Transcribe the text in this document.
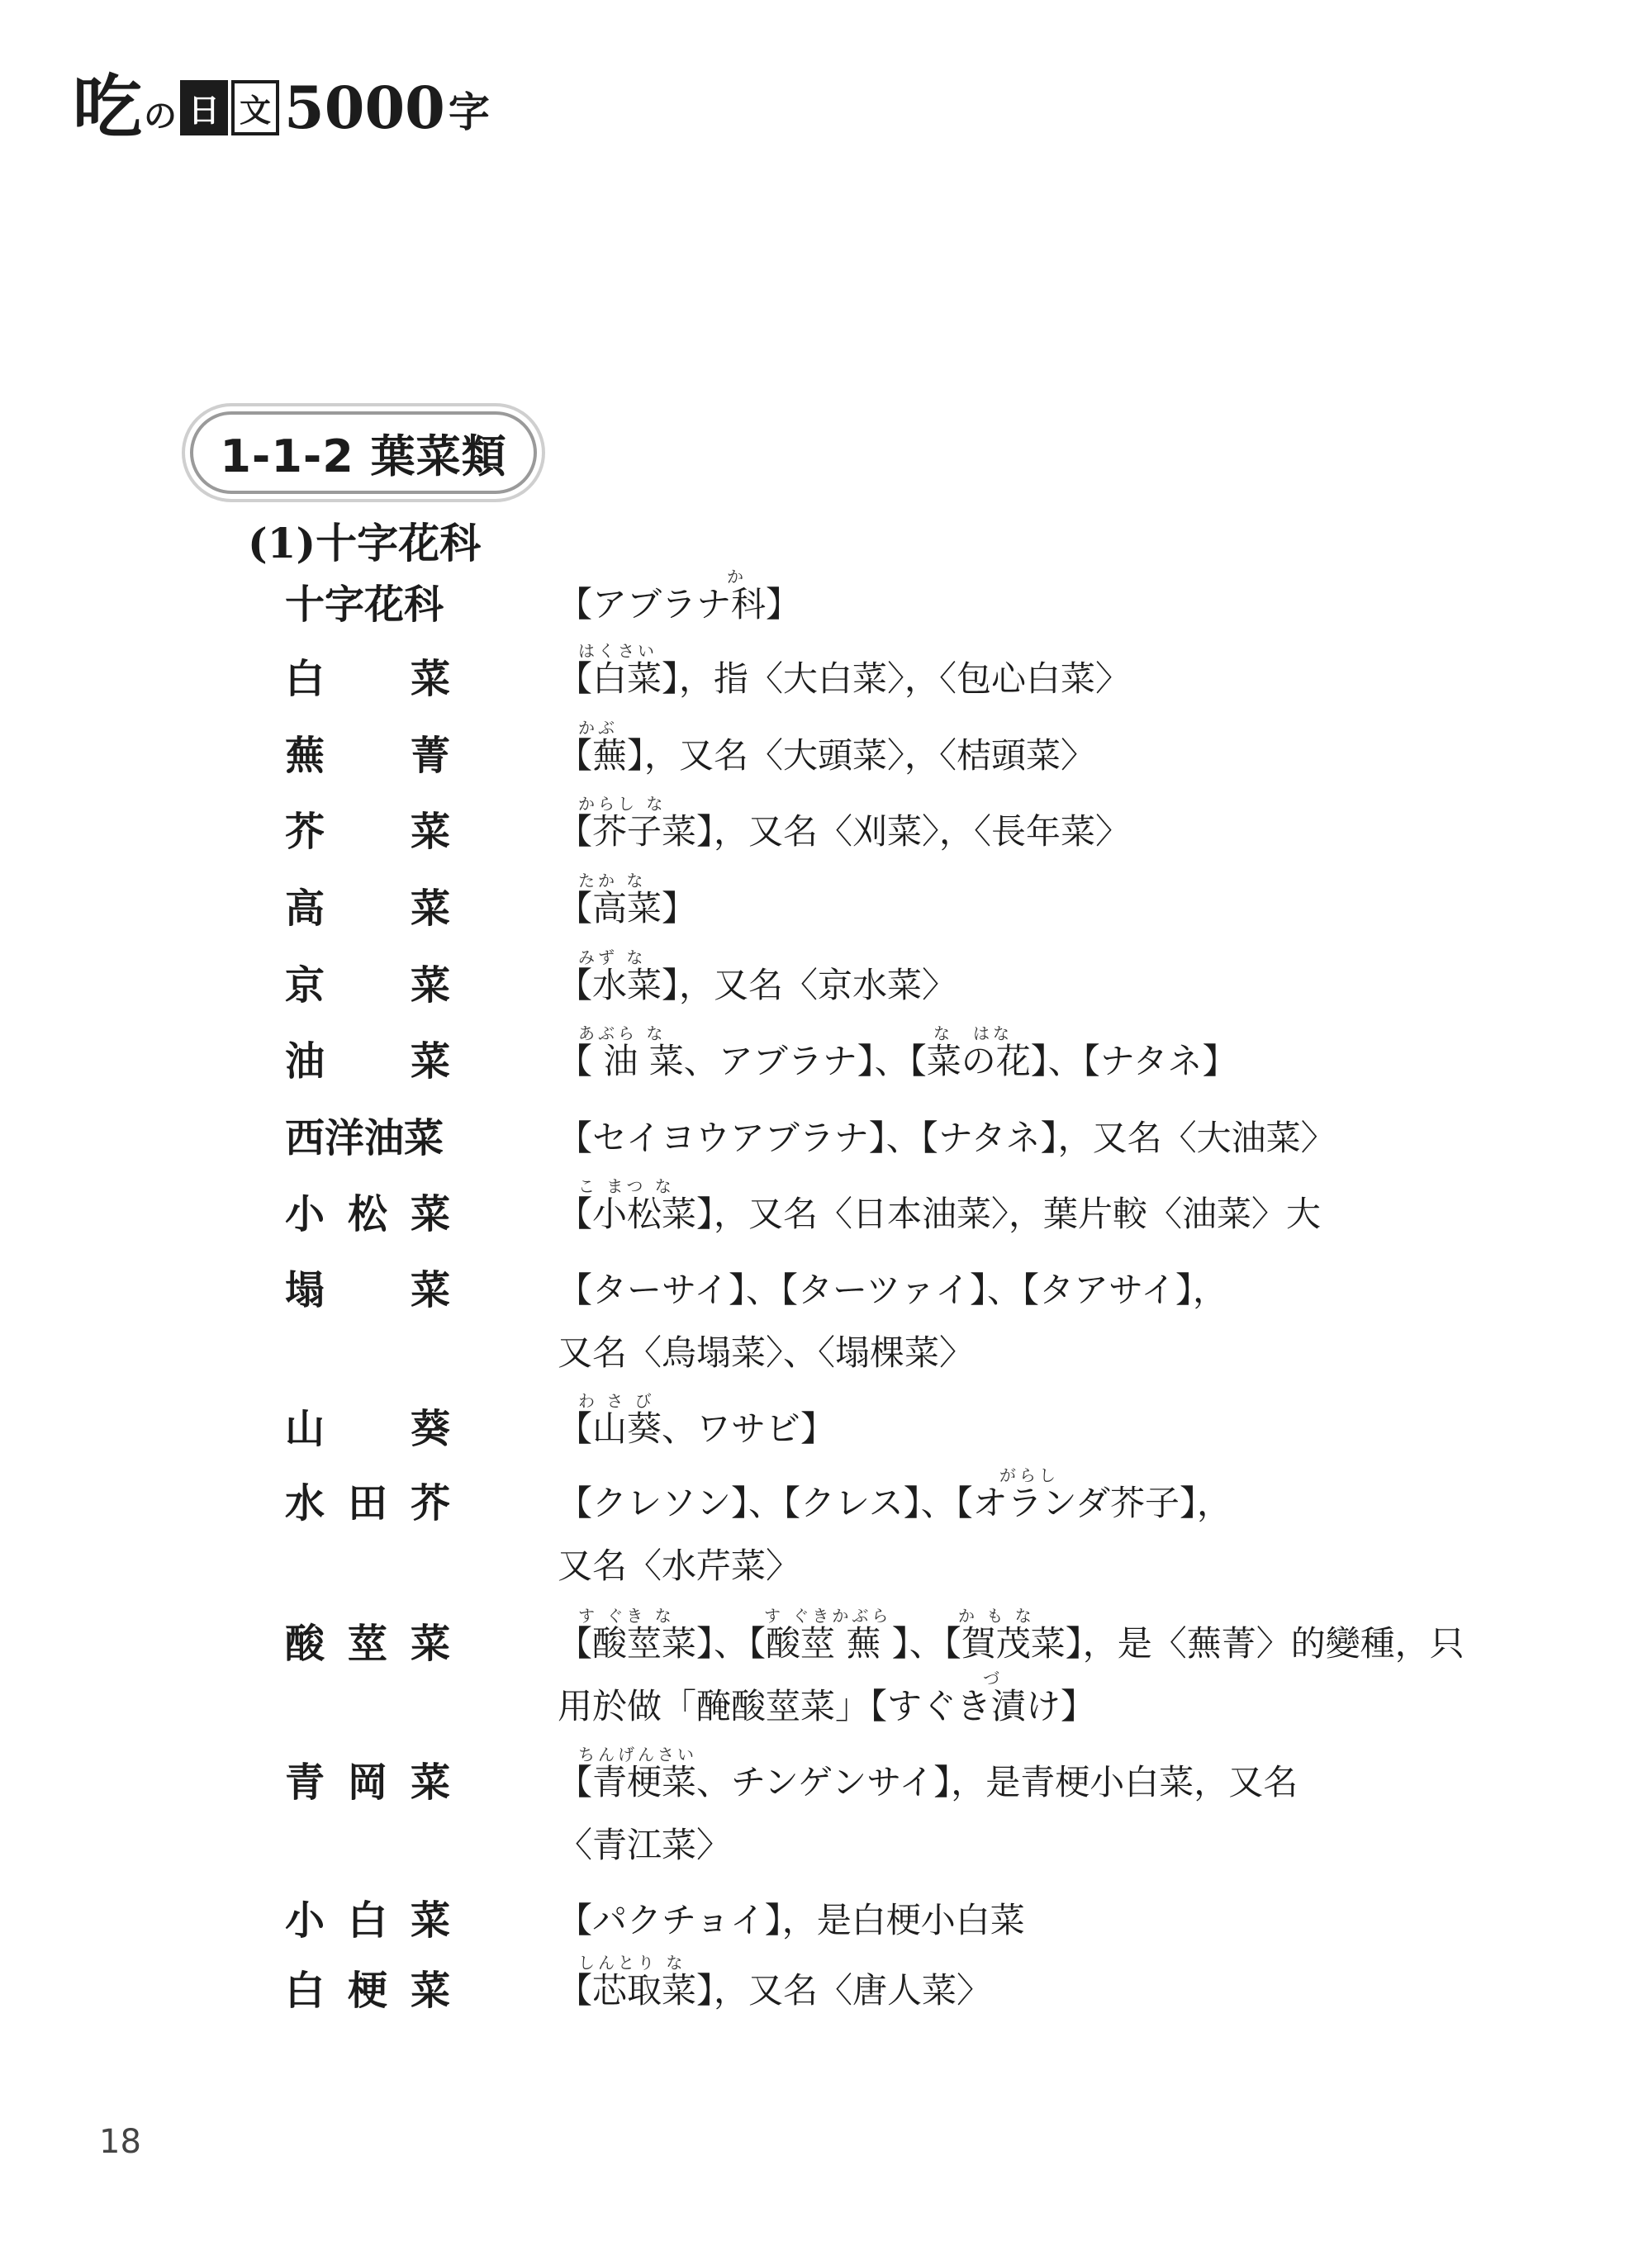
吃 の 日 文 5000 字
1-1-2 葉菜類
(1)十字花科
十字花科	【アブラナ科】
か
白 菜	【白菜】，指〈大白菜〉，〈包心白菜〉
はくさい
蕪 菁	【蕪】，又名〈大頭菜〉，〈桔頭菜〉
かぶ
芥 菜	【芥子菜】，又名〈刈菜〉，〈長年菜〉
からし な
高 菜	【高菜】
たか な
京 菜	【水菜】，又名〈京水菜〉
みず な
油 菜	【 油 菜、アブラナ】、【菜の花】、【ナタネ】
あぶら な	な　はな
西洋油菜	【セイヨウアブラナ】、【ナタネ】，又名〈大油菜〉
小 松 菜	【小松菜】，又名〈日本油菜〉，葉片較〈油菜〉大
こ まつ な
塌 菜	【ターサイ】、【ターツァイ】、【タアサイ】，
又名〈烏塌菜〉、〈塌棵菜〉
山 葵	【山葵、ワサビ】
わ さ び
水 田 芥	【クレソン】、【クレス】、【オランダ芥子】，
又名〈水芹菜〉
がらし
酸 莖 菜	【酸莖菜】、【酸莖 蕪 】、【賀茂菜】，是〈蕪菁〉的變種，只
用於做「醃酸莖菜」【すぐき漬け】
す ぐき な	す ぐきかぶら	か も な
づ
青 岡 菜	【青梗菜、チンゲンサイ】，是青梗小白菜，又名
〈青江菜〉
ちんげんさい
小 白 菜	【パクチョイ】，是白梗小白菜
白 梗 菜	【芯取菜】，又名〈唐人菜〉
しんとり な
18
